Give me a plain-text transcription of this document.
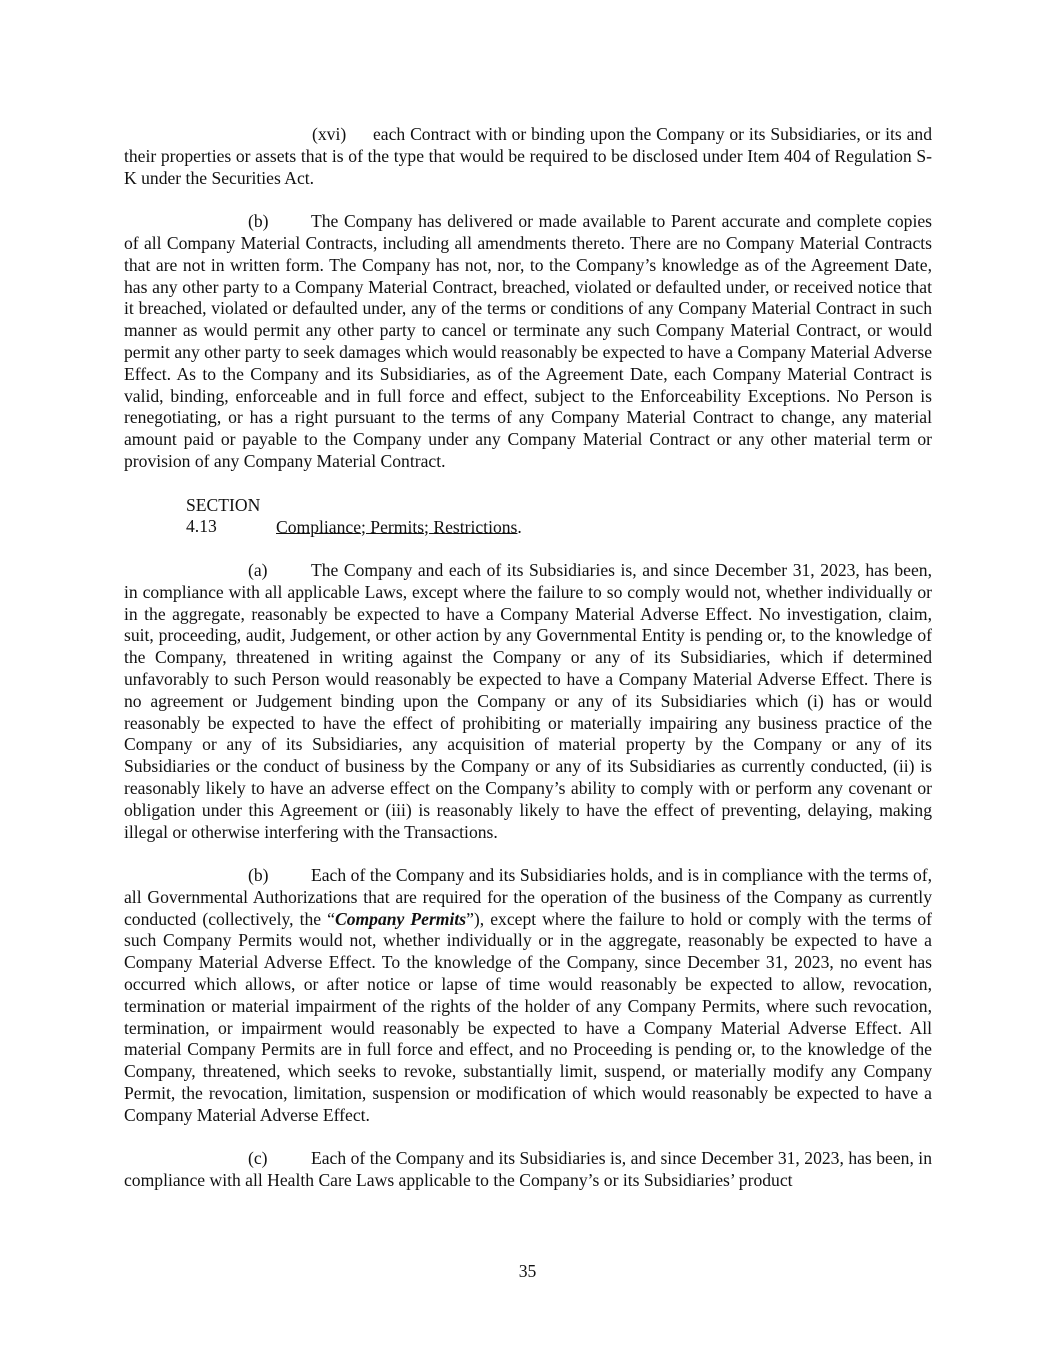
(xvi) each Contract with or binding upon the Company or its Subsidiaries, or its and their properties or assets that is of the type that would be required to be disclosed under Item 404 of Regulation S-K under the Securities Act.

(b) The Company has delivered or made available to Parent accurate and complete copies of all Company Material Contracts, including all amendments thereto. There are no Company Material Contracts that are not in written form. The Company has not, nor, to the Company’s knowledge as of the Agreement Date, has any other party to a Company Material Contract, breached, violated or defaulted under, or received notice that it breached, violated or defaulted under, any of the terms or conditions of any Company Material Contract in such manner as would permit any other party to cancel or terminate any such Company Material Contract, or would permit any other party to seek damages which would reasonably be expected to have a Company Material Adverse Effect. As to the Company and its Subsidiaries, as of the Agreement Date, each Company Material Contract is valid, binding, enforceable and in full force and effect, subject to the Enforceability Exceptions. No Person is renegotiating, or has a right pursuant to the terms of any Company Material Contract to change, any material amount paid or payable to the Company under any Company Material Contract or any other material term or provision of any Company Material Contract.

SECTION 4.13	Compliance; Permits; Restrictions.

(a) The Company and each of its Subsidiaries is, and since December 31, 2023, has been, in compliance with all applicable Laws, except where the failure to so comply would not, whether individually or in the aggregate, reasonably be expected to have a Company Material Adverse Effect. No investigation, claim, suit, proceeding, audit, Judgement, or other action by any Governmental Entity is pending or, to the knowledge of the Company, threatened in writing against the Company or any of its Subsidiaries, which if determined unfavorably to such Person would reasonably be expected to have a Company Material Adverse Effect. There is no agreement or Judgement binding upon the Company or any of its Subsidiaries which (i) has or would reasonably be expected to have the effect of prohibiting or materially impairing any business practice of the Company or any of its Subsidiaries, any acquisition of material property by the Company or any of its Subsidiaries or the conduct of business by the Company or any of its Subsidiaries as currently conducted, (ii) is reasonably likely to have an adverse effect on the Company’s ability to comply with or perform any covenant or obligation under this Agreement or (iii) is reasonably likely to have the effect of preventing, delaying, making illegal or otherwise interfering with the Transactions.

(b) Each of the Company and its Subsidiaries holds, and is in compliance with the terms of, all Governmental Authorizations that are required for the operation of the business of the Company as currently conducted (collectively, the “Company Permits”), except where the failure to hold or comply with the terms of such Company Permits would not, whether individually or in the aggregate, reasonably be expected to have a Company Material Adverse Effect. To the knowledge of the Company, since December 31, 2023, no event has occurred which allows, or after notice or lapse of time would reasonably be expected to allow, revocation, termination or material impairment of the rights of the holder of any Company Permits, where such revocation, termination, or impairment would reasonably be expected to have a Company Material Adverse Effect. All material Company Permits are in full force and effect, and no Proceeding is pending or, to the knowledge of the Company, threatened, which seeks to revoke, substantially limit, suspend, or materially modify any Company Permit, the revocation, limitation, suspension or modification of which would reasonably be expected to have a Company Material Adverse Effect.

(c) Each of the Company and its Subsidiaries is, and since December 31, 2023, has been, in compliance with all Health Care Laws applicable to the Company’s or its Subsidiaries’ product

35
